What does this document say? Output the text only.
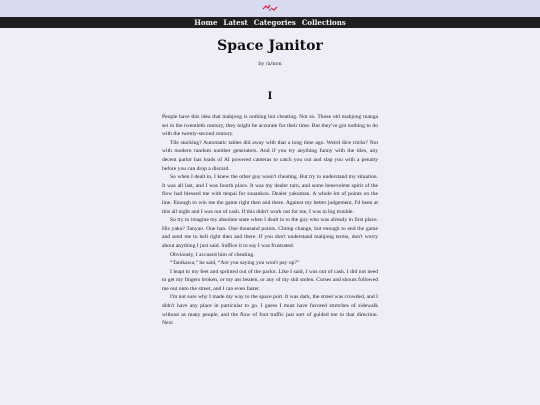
Home Latest Categories Collections
Space Janitor
by /a/non
I

People have this idea that mahjong is nothing but cheating. Not so. Those old mahjong manga set in the twentieth century, they might be accurate for their time. But they've got nothing to do with the twenty-second century.

Tile stacking? Automatic tables did away with that a long time ago. Weird dice tricks? Not with modern random number generators. And if you try anything funny with the tiles, any decent parlor has loads of AI powered cameras to catch you out and slap you with a penalty before you can drop a discard.

So when I dealt in, I knew the other guy wasn't cheating. But try to understand my situation. It was all last, and I was fourth place. It was my dealer turn, and some benevolent spirit of the flow had blessed me with tenpai for suuankou. Dealer yakuman. A whole lot of points on the line. Enough to win me the game right then and there. Against my better judgement, I'd been at this all night and I was out of cash. If this didn't work out for me, I was in big trouble.

So try to imagine my absolute state when I dealt in to the guy who was already in first place. His yaku? Tanyao. One han. One thousand points. Chimp change, but enough to end the game and send me to hell right then and there. If you don't understand mahjong terms, don't worry about anything I just said. Suffice it to say I was frustrated.

Obviously, I accused him of cheating.

“Tanikawa,” he said, “Are you saying you won't pay up?”

I leapt to my feet and sprinted out of the parlor. Like I said, I was out of cash. I did not need to get my fingers broken, or my ass beaten, or any of my shit stolen. Curses and shouts followed me out onto the street, and I ran even faster.

I'm not sure why I made my way to the space port. It was dark, the street was crowded, and I didn't have any place in particular to go. I guess I must have favored stretches of sidewalk without as many people, and the flow of foot traffic just sort of guided me in that direction. Next
